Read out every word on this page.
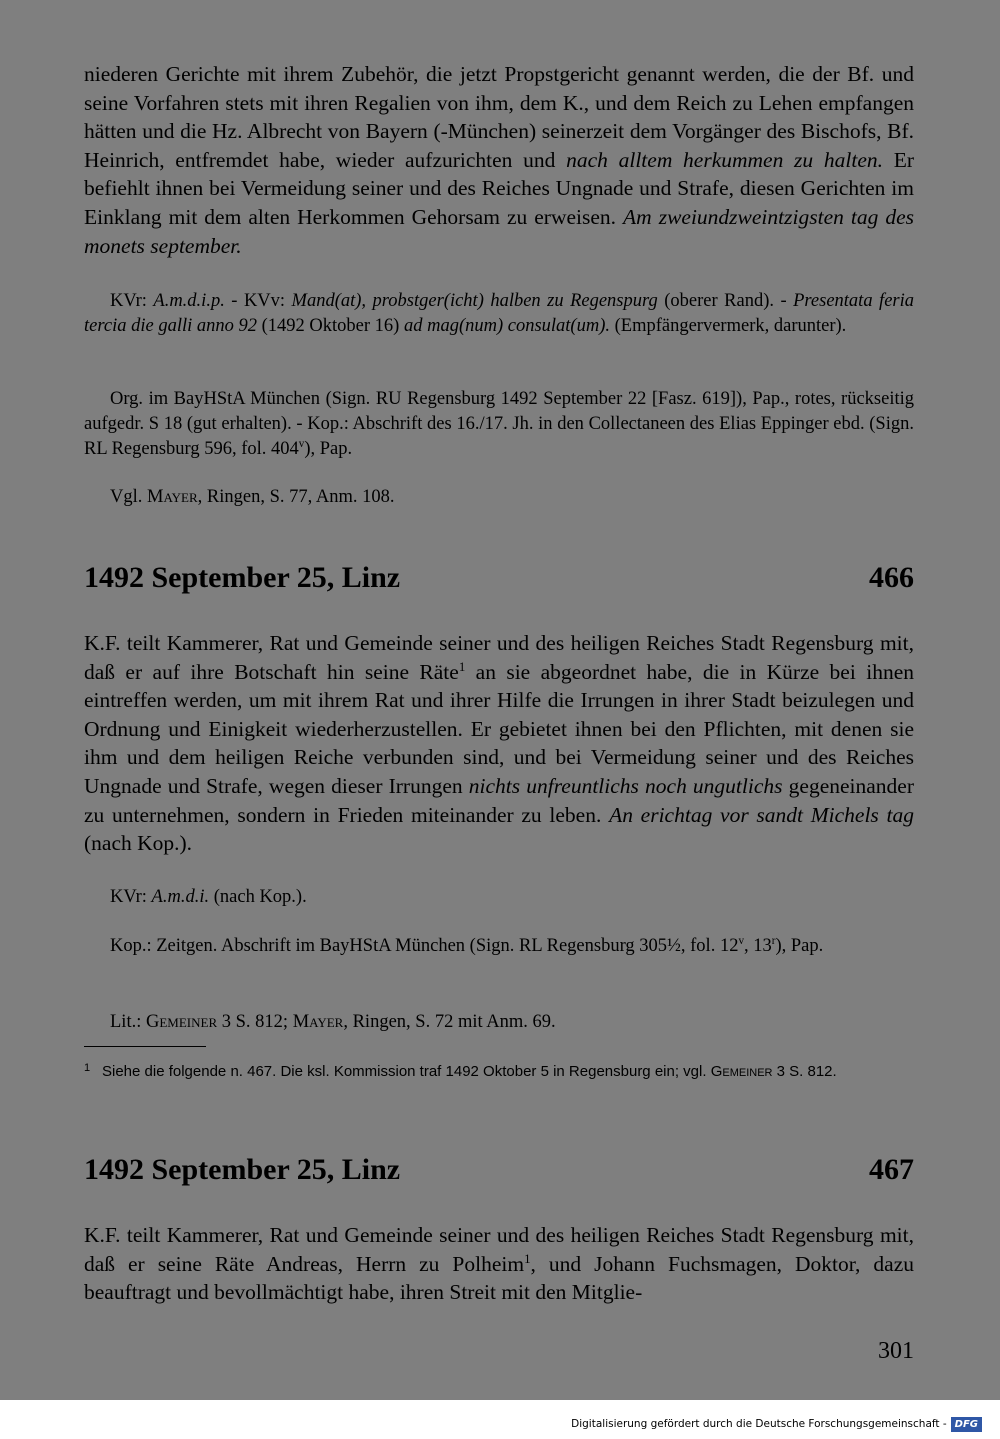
niederen Gerichte mit ihrem Zubehör, die jetzt Propstgericht genannt werden, die der Bf. und seine Vorfahren stets mit ihren Regalien von ihm, dem K., und dem Reich zu Lehen empfangen hätten und die Hz. Albrecht von Bayern (-München) seinerzeit dem Vorgänger des Bischofs, Bf. Heinrich, entfremdet habe, wieder aufzurichten und nach alltem herkummen zu halten. Er befiehlt ihnen bei Vermeidung seiner und des Reiches Ungnade und Strafe, diesen Gerichten im Einklang mit dem alten Herkommen Gehorsam zu erweisen. Am zweiundzweintzigsten tag des monets september.
KVr: A.m.d.i.p. - KVv: Mand(at), probstger(icht) halben zu Regenspurg (oberer Rand). - Presentata feria tercia die galli anno 92 (1492 Oktober 16) ad mag(num) consulat(um). (Empfängervermerk, darunter).
Org. im BayHStA München (Sign. RU Regensburg 1492 September 22 [Fasz. 619]), Pap., rotes, rückseitig aufgedr. S 18 (gut erhalten). - Kop.: Abschrift des 16./17. Jh. in den Collectaneen des Elias Eppinger ebd. (Sign. RL Regensburg 596, fol. 404$^v$), Pap.
Vgl. Mayer, Ringen, S. 77, Anm. 108.
1492 September 25, Linz	466
K.F. teilt Kammerer, Rat und Gemeinde seiner und des heiligen Reiches Stadt Regensburg mit, daß er auf ihre Botschaft hin seine Räte$^1$ an sie abgeordnet habe, die in Kürze bei ihnen eintreffen werden, um mit ihrem Rat und ihrer Hilfe die Irrungen in ihrer Stadt beizulegen und Ordnung und Einigkeit wiederherzustellen. Er gebietet ihnen bei den Pflichten, mit denen sie ihm und dem heiligen Reiche verbunden sind, und bei Vermeidung seiner und des Reiches Ungnade und Strafe, wegen dieser Irrungen nichts unfreuntlichs noch ungutlichs gegeneinander zu unternehmen, sondern in Frieden miteinander zu leben. An erichtag vor sandt Michels tag (nach Kop.).
KVr: A.m.d.i. (nach Kop.).
Kop.: Zeitgen. Abschrift im BayHStA München (Sign. RL Regensburg 305½, fol. 12$^v$, 13$^r$), Pap.
Lit.: Gemeiner 3 S. 812; Mayer, Ringen, S. 72 mit Anm. 69.
1 Siehe die folgende n. 467. Die ksl. Kommission traf 1492 Oktober 5 in Regensburg ein; vgl. Gemeiner 3 S. 812.
1492 September 25, Linz	467
K.F. teilt Kammerer, Rat und Gemeinde seiner und des heiligen Reiches Stadt Regensburg mit, daß er seine Räte Andreas, Herrn zu Polheim$^1$, und Johann Fuchsmagen, Doktor, dazu beauftragt und bevollmächtigt habe, ihren Streit mit den Mitglie-
301
Digitalisierung gefördert durch die Deutsche Forschungsgemeinschaft - DFG
